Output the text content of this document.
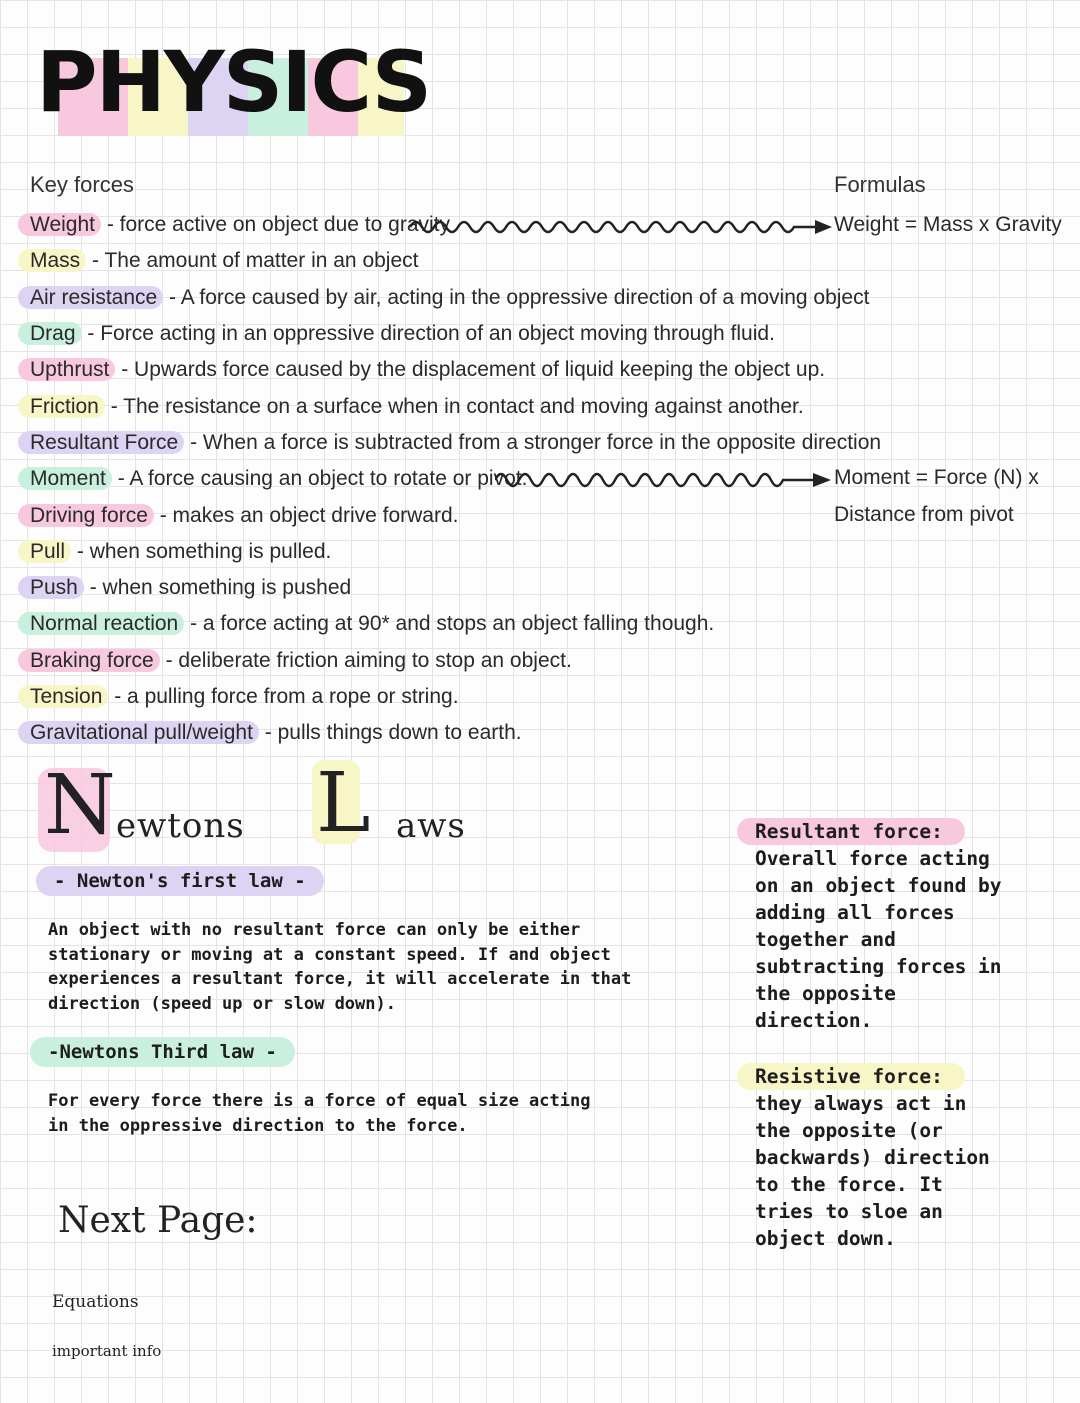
PHYSICS
Key forces
Weight - force active on object due to gravity
Mass - The amount of matter in an object
Air resistance - A force caused by air, acting in the oppressive direction of a moving object
Drag - Force acting in an oppressive direction of an object moving through fluid.
Upthrust - Upwards force caused by the displacement of liquid keeping the object up.
Friction - The resistance on a surface when in contact and moving against another.
Resultant Force - When a force is subtracted from a stronger force in the opposite direction
Moment - A force causing an object to rotate or pivot.
Driving force - makes an object drive forward.
Pull - when something is pulled.
Push - when something is pushed
Normal reaction - a force acting at 90* and stops an object falling though.
Braking force - deliberate friction aiming to stop an object.
Tension - a pulling force from a rope or string.
Gravitational pull/weight - pulls things down to earth.
Formulas
Weight = Mass x Gravity
Moment = Force (N) x
Distance from pivot
N ewtons L aws
- Newton's first law -
An object with no resultant force can only be either stationary or moving at a constant speed. If and object experiences a resultant force, it will accelerate in that direction (speed up or slow down).
-Newtons Third law -
For every force there is a force of equal size acting in the oppressive direction to the force.
Resultant force:
Overall force acting on an object found by adding all forces together and subtracting forces in the opposite direction.
Resistive force:
they always act in the opposite (or backwards) direction to the force. It tries to sloe an object down.
Next Page:
Equations
important info
